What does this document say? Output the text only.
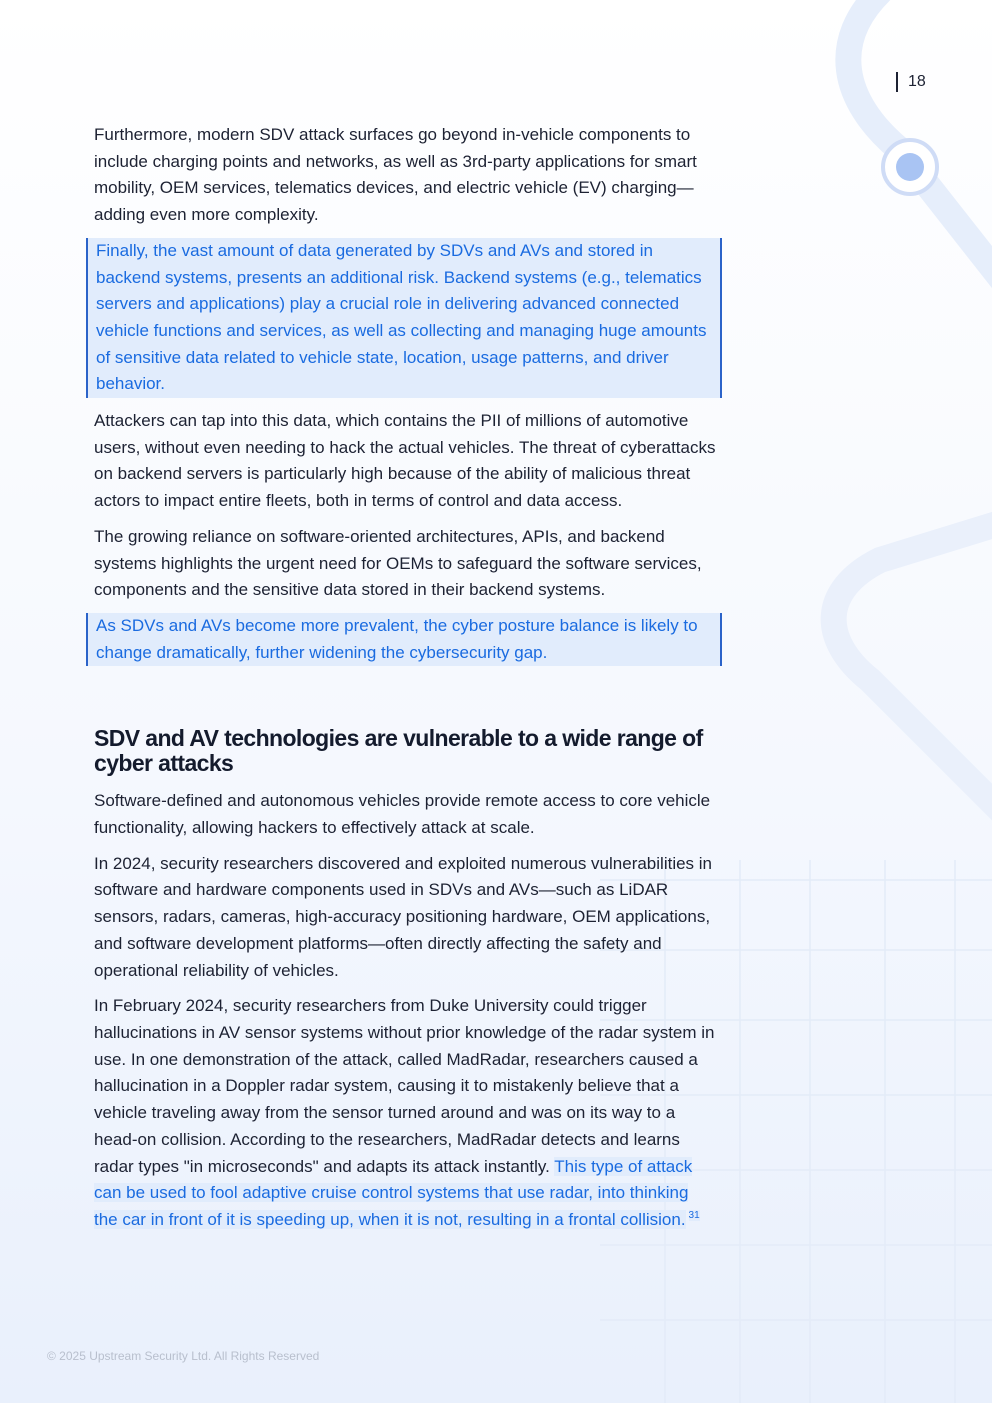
18

Furthermore, modern SDV attack surfaces go beyond in-vehicle components to include charging points and networks, as well as 3rd-party applications for smart mobility, OEM services, telematics devices, and electric vehicle (EV) charging—adding even more complexity.

Finally, the vast amount of data generated by SDVs and AVs and stored in backend systems, presents an additional risk. Backend systems (e.g., telematics servers and applications) play a crucial role in delivering advanced connected vehicle functions and services, as well as collecting and managing huge amounts of sensitive data related to vehicle state, location, usage patterns, and driver behavior.

Attackers can tap into this data, which contains the PII of millions of automotive users, without even needing to hack the actual vehicles. The threat of cyberattacks on backend servers is particularly high because of the ability of malicious threat actors to impact entire fleets, both in terms of control and data access.

The growing reliance on software-oriented architectures, APIs, and backend systems highlights the urgent need for OEMs to safeguard the software services, components and the sensitive data stored in their backend systems.

As SDVs and AVs become more prevalent, the cyber posture balance is likely to change dramatically, further widening the cybersecurity gap.

SDV and AV technologies are vulnerable to a wide range of cyber attacks

Software-defined and autonomous vehicles provide remote access to core vehicle functionality, allowing hackers to effectively attack at scale.

In 2024, security researchers discovered and exploited numerous vulnerabilities in software and hardware components used in SDVs and AVs—such as LiDAR sensors, radars, cameras, high-accuracy positioning hardware, OEM applications, and software development platforms—often directly affecting the safety and operational reliability of vehicles.

In February 2024, security researchers from Duke University could trigger hallucinations in AV sensor systems without prior knowledge of the radar system in use. In one demonstration of the attack, called MadRadar, researchers caused a hallucination in a Doppler radar system, causing it to mistakenly believe that a vehicle traveling away from the sensor turned around and was on its way to a head-on collision. According to the researchers, MadRadar detects and learns radar types "in microseconds" and adapts its attack instantly. This type of attack can be used to fool adaptive cruise control systems that use radar, into thinking the car in front of it is speeding up, when it is not, resulting in a frontal collision. $^{31}$

© 2025 Upstream Security Ltd. All Rights Reserved
